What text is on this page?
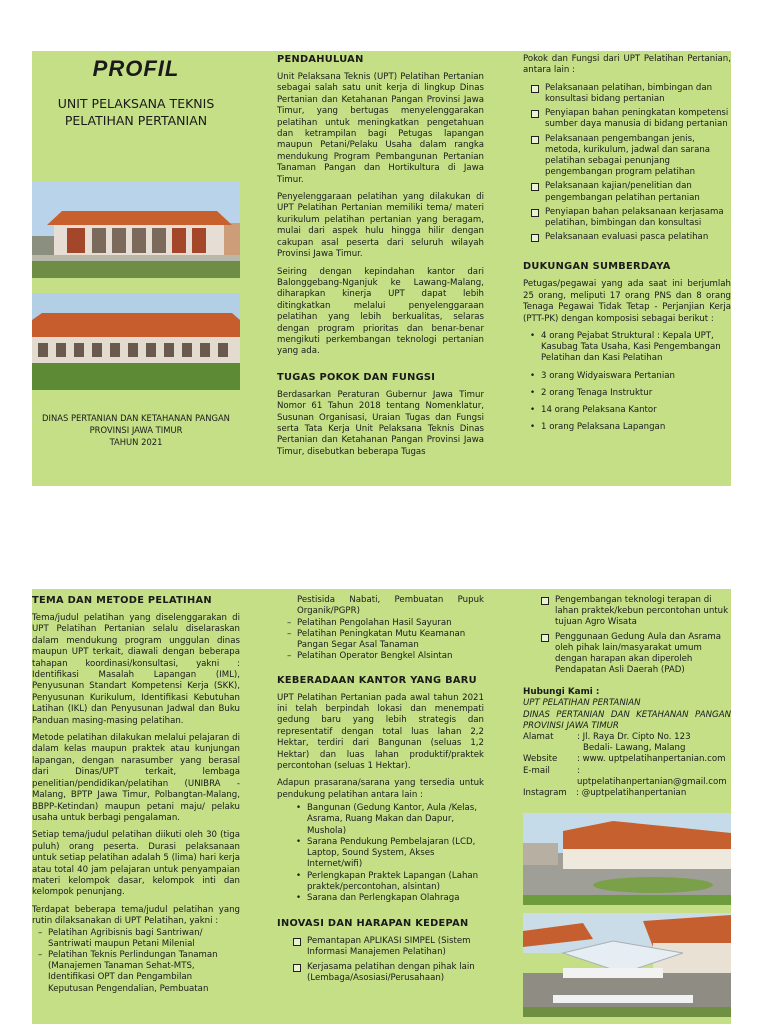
PROFIL
UNIT PELAKSANA TEKNIS
PELATIHAN PERTANIAN
DINAS PERTANIAN DAN KETAHANAN PANGAN
PROVINSI JAWA TIMUR
TAHUN 2021
PENDAHULUAN

Unit Pelaksana Teknis (UPT) Pelatihan Pertanian sebagai salah satu unit kerja di lingkup Dinas Pertanian dan Ketahanan Pangan Provinsi Jawa Timur, yang bertugas menyelenggarakan pelatihan untuk meningkatkan pengetahuan dan ketrampilan bagi Petugas lapangan maupun Petani/Pelaku Usaha dalam rangka mendukung Program Pembangunan Pertanian Tanaman Pangan dan Hortikultura di Jawa Timur.

Penyelenggaraan pelatihan yang dilakukan di UPT Pelatihan Pertanian memiliki tema/ materi kurikulum pelatihan pertanian yang beragam, mulai dari aspek hulu hingga hilir dengan cakupan asal peserta dari seluruh wilayah Provinsi Jawa Timur.

Seiring dengan kepindahan kantor dari Balonggebang-Nganjuk ke Lawang-Malang, diharapkan kinerja UPT dapat lebih ditingkatkan melalui penyelenggaraan pelatihan yang lebih berkualitas, selaras dengan program prioritas dan benar-benar mengikuti perkembangan teknologi pertanian yang ada.

TUGAS POKOK DAN FUNGSI

Berdasarkan Peraturan Gubernur Jawa Timur Nomor 61 Tahun 2018 tentang Nomenklatur, Susunan Organisasi, Uraian Tugas dan Fungsi serta Tata Kerja Unit Pelaksana Teknis Dinas Pertanian dan Ketahanan Pangan Provinsi Jawa Timur, disebutkan beberapa Tugas

Pokok dan Fungsi dari UPT Pelatihan Pertanian, antara lain :

Pelaksanaan pelatihan, bimbingan dan konsultasi bidang pertanian
Penyiapan bahan peningkatan kompetensi sumber daya manusia di bidang pertanian
Pelaksanaan pengembangan jenis, metoda, kurikulum, jadwal dan sarana pelatihan sebagai penunjang pengembangan program pelatihan
Pelaksanaan kajian/penelitian dan pengembangan pelatihan pertanian
Penyiapan bahan pelaksanaan kerjasama pelatihan, bimbingan dan konsultasi
Pelaksanaan evaluasi pasca pelatihan
DUKUNGAN SUMBERDAYA

Petugas/pegawai yang ada saat ini berjumlah 25 orang, meliputi 17 orang PNS dan 8 orang Tenaga Pegawai Tidak Tetap - Perjanjian Kerja (PTT-PK) dengan komposisi sebagai berikut :

• 4 orang Pejabat Struktural : Kepala UPT, Kasubag Tata Usaha, Kasi Pengembangan Pelatihan dan Kasi Pelatihan
• 3 orang Widyaiswara Pertanian
• 2 orang Tenaga Instruktur
• 14 orang Pelaksana Kantor
• 1 orang Pelaksana Lapangan
TEMA DAN METODE PELATIHAN

Tema/judul pelatihan yang diselenggarakan di UPT Pelatihan Pertanian selalu diselaraskan dalam mendukung program unggulan dinas maupun UPT terkait, diawali dengan beberapa tahapan koordinasi/konsultasi, yakni : Identifikasi Masalah Lapangan (IML), Penyusunan Standart Kompetensi Kerja (SKK), Penyusunan Kurikulum, Identifikasi Kebutuhan Latihan (IKL) dan Penyusunan Jadwal dan Buku Panduan masing-masing pelatihan.

Metode pelatihan dilakukan melalui pelajaran di dalam kelas maupun praktek atau kunjungan lapangan, dengan narasumber yang berasal dari Dinas/UPT terkait, lembaga penelitian/pendidikan/pelatihan (UNIBRA - Malang, BPTP Jawa Timur, Polbangtan-Malang, BBPP-Ketindan) maupun petani maju/ pelaku usaha untuk berbagi pengalaman.

Setiap tema/judul pelatihan diikuti oleh 30 (tiga puluh) orang peserta. Durasi pelaksanaan untuk setiap pelatihan adalah 5 (lima) hari kerja atau total 40 jam pelajaran untuk penyampaian materi kelompok dasar, kelompok inti dan kelompok penunjang.

Terdapat beberapa tema/judul pelatihan yang rutin dilaksanakan di UPT Pelatihan, yakni :

– Pelatihan Agribisnis bagi Santriwan/ Santriwati maupun Petani Milenial
– Pelatihan Teknis Perlindungan Tanaman (Manajemen Tanaman Sehat-MTS, Identifikasi OPT dan Pengambilan Keputusan Pengendalian, Pembuatan

Pestisida Nabati, Pembuatan Pupuk Organik/PGPR)

– Pelatihan Pengolahan Hasil Sayuran
– Pelatihan Peningkatan Mutu Keamanan Pangan Segar Asal Tanaman
– Pelatihan Operator Bengkel Alsintan
KEBERADAAN KANTOR YANG BARU

UPT Pelatihan Pertanian pada awal tahun 2021 ini telah berpindah lokasi dan menempati gedung baru yang lebih strategis dan representatif dengan total luas lahan 2,2 Hektar, terdiri dari Bangunan (seluas 1,2 Hektar) dan luas lahan produktif/praktek percontohan (seluas 1 Hektar).

Adapun prasarana/sarana yang tersedia untuk pendukung pelatihan antara lain :

• Bangunan (Gedung Kantor, Aula /Kelas, Asrama, Ruang Makan dan Dapur, Mushola)
• Sarana Pendukung Pembelajaran (LCD, Laptop, Sound System, Akses Internet/wifi)
• Perlengkapan Praktek Lapangan (Lahan praktek/percontohan, alsintan)
• Sarana dan Perlengkapan Olahraga
INOVASI DAN HARAPAN KEDEPAN
Pemantapan APLIKASI SIMPEL (Sistem Informasi Manajemen Pelatihan)
Kerjasama pelatihan dengan pihak lain (Lembaga/Asosiasi/Perusahaan)
Pengembangan teknologi terapan di lahan praktek/kebun percontohan untuk tujuan Agro Wisata
Penggunaan Gedung Aula dan Asrama oleh pihak lain/masyarakat umum dengan harapan akan diperoleh Pendapatan Asli Daerah (PAD)
Hubungi Kami :
UPT PELATIHAN PERTANIAN
DINAS PERTANIAN DAN KETAHANAN PANGAN PROVINSI JAWA TIMUR
Alamat	: Jl. Raya Dr. Cipto No. 123
Bedali- Lawang, Malang
Website	: www. uptpelatihanpertanian.com
E-mail	: uptpelatihanpertanian@gmail.com
Instagram	: @uptpelatihanpertanian
